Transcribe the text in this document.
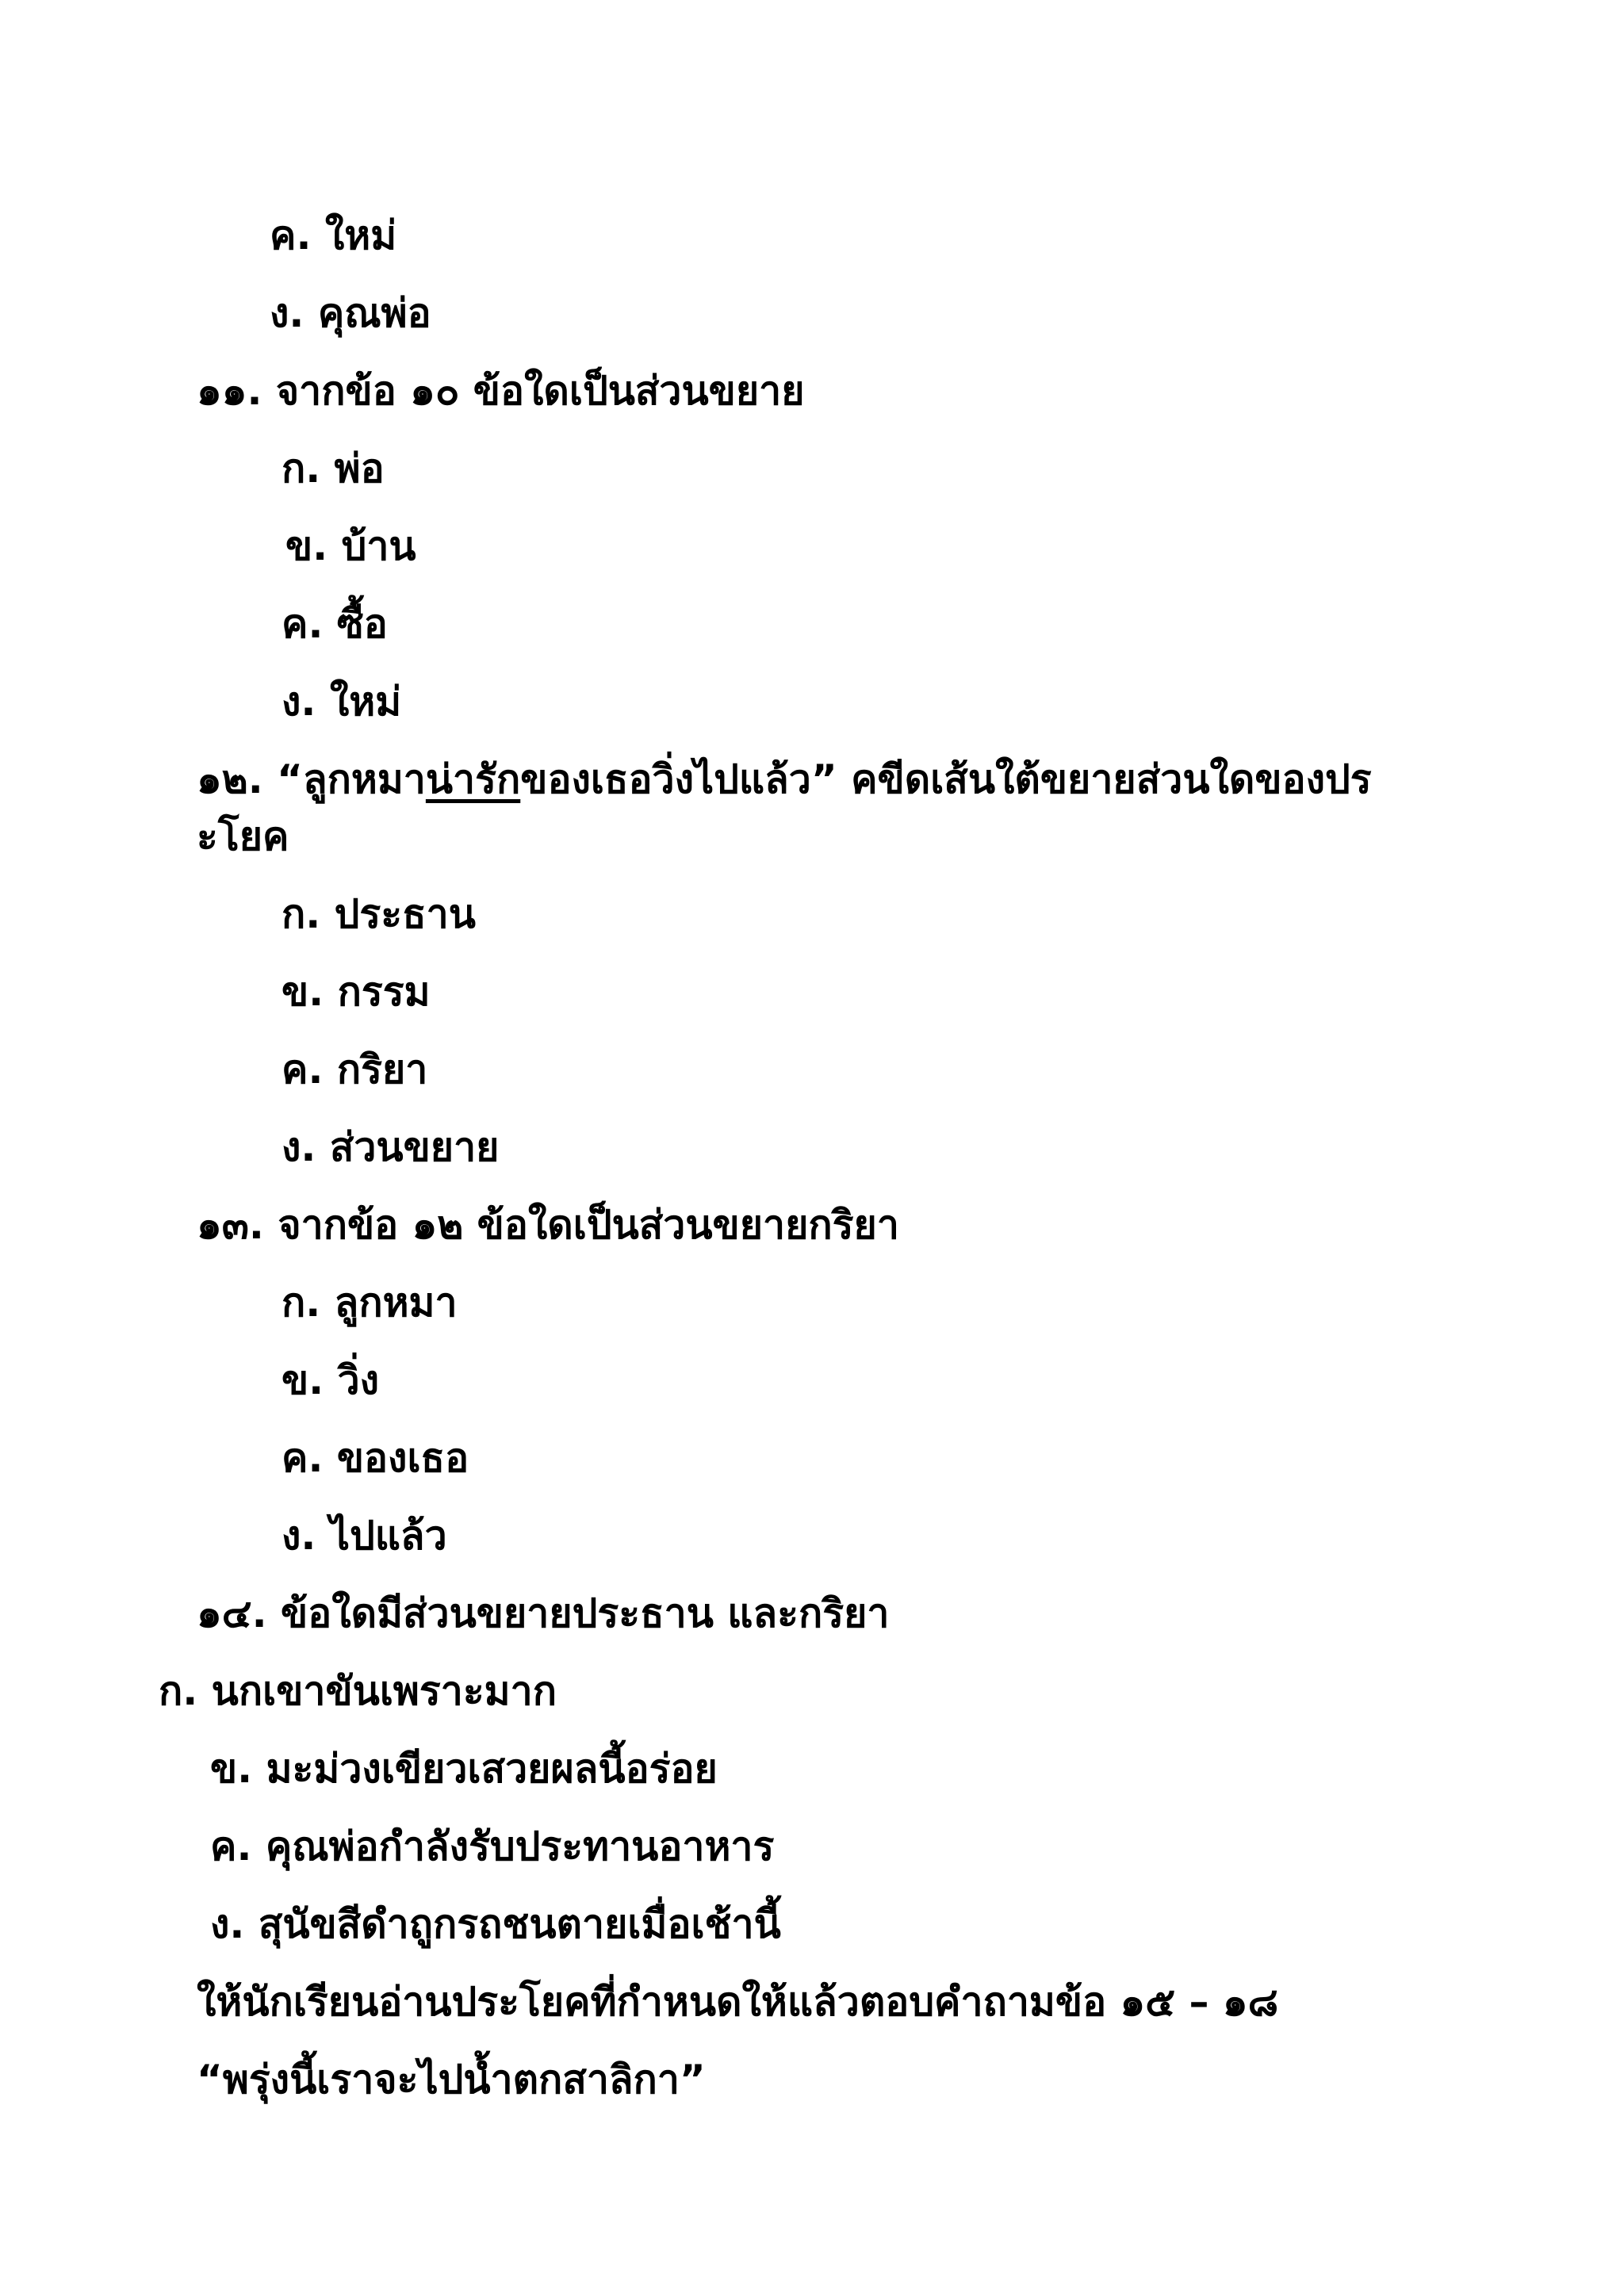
ค. ใหม่
ง. คุณพ่อ
๑๑. จากข้อ ๑๐ ข้อใดเป็นส่วนขยาย
ก. พ่อ
ข. บ้าน
ค. ซื้อ
ง. ใหม่
๑๒. “ลูกหมาน่ารักของเธอวิ่งไปแล้ว” คขีดเส้นใต้ขยายส่วนใดของปร
ะโยค
ก. ประธาน
ข. กรรม
ค. กริยา
ง. ส่วนขยาย
๑๓. จากข้อ ๑๒ ข้อใดเป็นส่วนขยายกริยา
ก. ลูกหมา
ข. วิ่ง
ค. ของเธอ
ง. ไปแล้ว
๑๔. ข้อใดมีส่วนขยายประธาน และกริยา
ก. นกเขาขันเพราะมาก
ข. มะม่วงเขียวเสวยผลนี้อร่อย
ค. คุณพ่อกำลังรับประทานอาหาร
ง. สุนัขสีดำถูกรถชนตายเมื่อเช้านี้
ให้นักเรียนอ่านประโยคที่กำหนดให้แล้วตอบคำถามข้อ ๑๕ – ๑๘
“พรุ่งนี้เราจะไปน้ำตกสาลิกา”
